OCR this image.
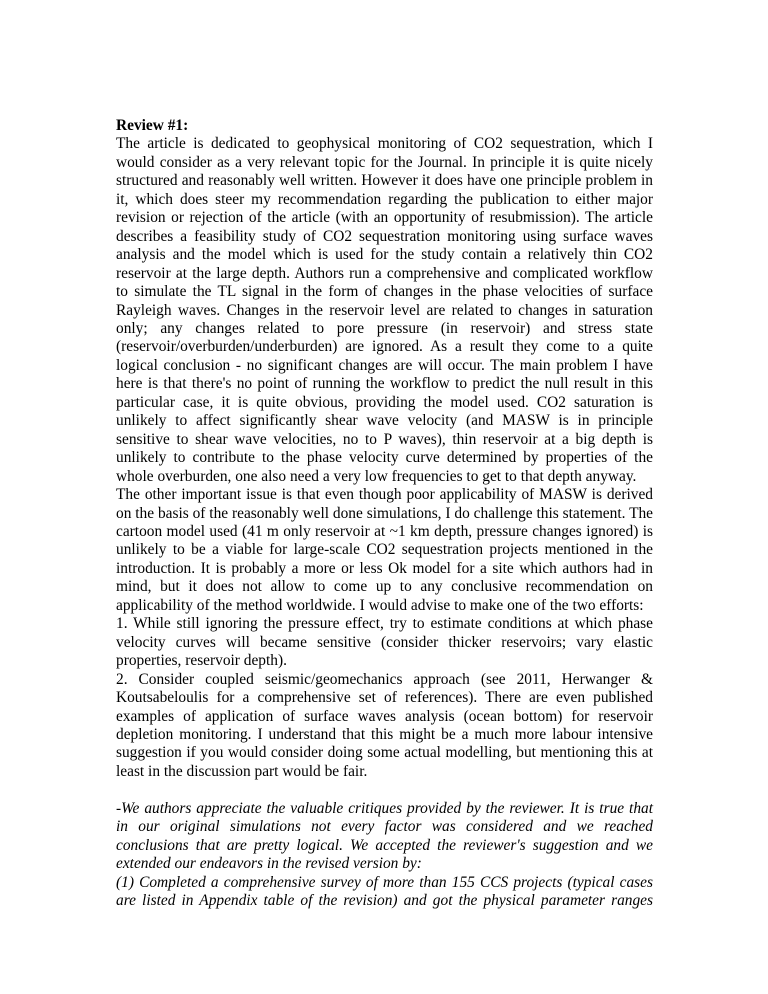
Review #1:

The article is dedicated to geophysical monitoring of CO2 sequestration, which I would consider as a very relevant topic for the Journal. In principle it is quite nicely structured and reasonably well written. However it does have one principle problem in it, which does steer my recommendation regarding the publication to either major revision or rejection of the article (with an opportunity of resubmission). The article describes a feasibility study of CO2 sequestration monitoring using surface waves analysis and the model which is used for the study contain a relatively thin CO2 reservoir at the large depth. Authors run a comprehensive and complicated workflow to simulate the TL signal in the form of changes in the phase velocities of surface Rayleigh waves. Changes in the reservoir level are related to changes in saturation only; any changes related to pore pressure (in reservoir) and stress state (reservoir/overburden/underburden) are ignored. As a result they come to a quite logical conclusion - no significant changes are will occur. The main problem I have here is that there's no point of running the workflow to predict the null result in this particular case, it is quite obvious, providing the model used. CO2 saturation is unlikely to affect significantly shear wave velocity (and MASW is in principle sensitive to shear wave velocities, no to P waves), thin reservoir at a big depth is unlikely to contribute to the phase velocity curve determined by properties of the whole overburden, one also need a very low frequencies to get to that depth anyway.

The other important issue is that even though poor applicability of MASW is derived on the basis of the reasonably well done simulations, I do challenge this statement. The cartoon model used (41 m only reservoir at ~1 km depth, pressure changes ignored) is unlikely to be a viable for large-scale CO2 sequestration projects mentioned in the introduction. It is probably a more or less Ok model for a site which authors had in mind, but it does not allow to come up to any conclusive recommendation on applicability of the method worldwide. I would advise to make one of the two efforts:

1. While still ignoring the pressure effect, try to estimate conditions at which phase velocity curves will became sensitive (consider thicker reservoirs; vary elastic properties, reservoir depth).

2. Consider coupled seismic/geomechanics approach (see 2011, Herwanger & Koutsabeloulis for a comprehensive set of references). There are even published examples of application of surface waves analysis (ocean bottom) for reservoir depletion monitoring. I understand that this might be a much more labour intensive suggestion if you would consider doing some actual modelling, but mentioning this at least in the discussion part would be fair.

-We authors appreciate the valuable critiques provided by the reviewer. It is true that in our original simulations not every factor was considered and we reached conclusions that are pretty logical. We accepted the reviewer's suggestion and we extended our endeavors in the revised version by:

(1) Completed a comprehensive survey of more than 155 CCS projects (typical cases are listed in Appendix table of the revision) and got the physical parameter ranges
